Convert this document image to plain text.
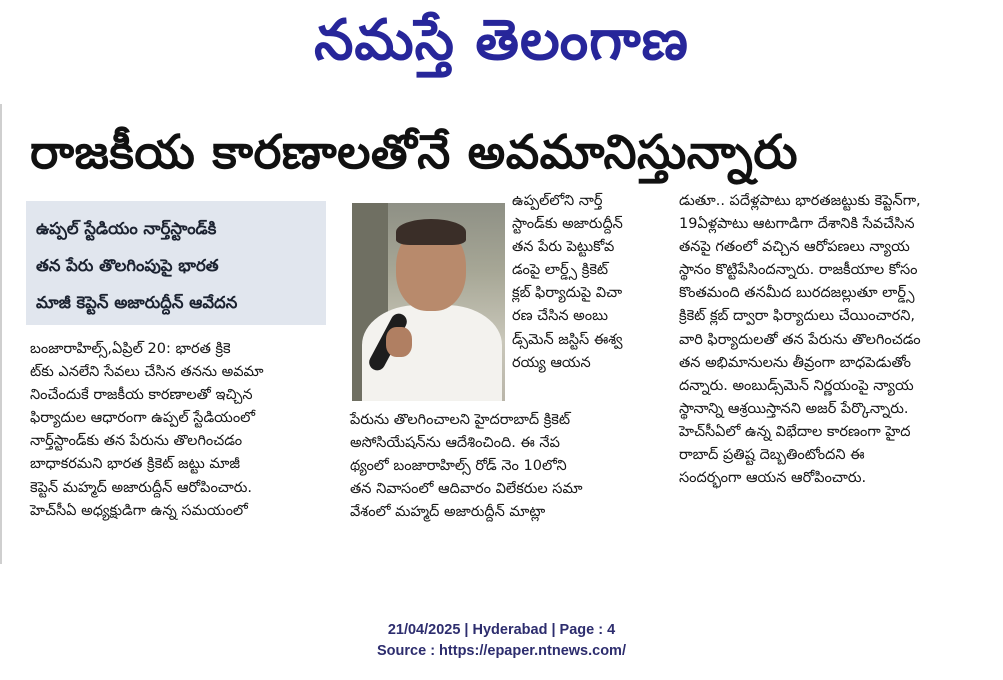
నమస్తే తెలంగాణ
రాజకీయ కారణాలతోనే అవమానిస్తున్నారు
ఉప్పల్ స్టేడియం నార్త్‌స్టాండ్‌కి
తన పేరు తొలగింపుపై భారత
మాజీ కెప్టెన్ అజారుద్దీన్ ఆవేదన
బంజారాహిల్స్,ఏప్రిల్ 20: భారత క్రికె
ట్‌కు ఎనలేని సేవలు చేసిన తనను అవమా
నించేందుకే రాజకీయ కారణాలతో ఇచ్చిన
ఫిర్యాదుల ఆధారంగా ఉప్పల్ స్టేడియంలో
నార్త్‌స్టాండ్‌కు తన పేరును తొలగించడం
బాధాకరమని భారత క్రికెట్ జట్టు మాజీ
కెప్టెన్ మహ్మద్ అజారుద్దీన్ ఆరోపించారు.
హెచ్‌సీఏ అధ్యక్షుడిగా ఉన్న సమయంలో
ఉప్పల్‌లోని నార్త్
స్టాండ్‌కు అజారుద్దీన్
తన పేరు పెట్టుకోవ
డంపై లార్డ్స్ క్రికెట్
క్లబ్ ఫిర్యాదుపై విచా
రణ చేసిన అంబు
డ్స్‌మెన్ జస్టిస్ ఈశ్వ
రయ్య ఆయన
పేరును తొలగించాలని హైదరాబాద్ క్రికెట్
అసోసియేషన్‌ను ఆదేశించింది. ఈ నేప
థ్యంలో బంజారాహిల్స్ రోడ్ నెం 10లోని
తన నివాసంలో ఆదివారం విలేకరుల సమా
వేశంలో మహ్మద్ అజారుద్దీన్ మాట్లా
డుతూ.. పదేళ్లపాటు భారతజట్టుకు కెప్టెన్‌గా,
19ఏళ్లపాటు ఆటగాడిగా దేశానికి సేవచేసిన
తనపై గతంలో వచ్చిన ఆరోపణలు న్యాయ
స్థానం కొట్టిపేసిందన్నారు. రాజకీయాల కోసం
కొంతమంది తనమీద బురదజల్లుతూ లార్డ్స్
క్రికెట్ క్లబ్ ద్వారా ఫిర్యాదులు చేయించారని,
వారి ఫిర్యాదులతో తన పేరును తొలగించడం
తన అభిమానులను తీవ్రంగా బాధపెడుతోం
దన్నారు. అంబుడ్స్‌మెన్ నిర్ణయంపై న్యాయ
స్థానాన్ని ఆశ్రయిస్తానని అజర్ పేర్కొన్నారు.
హెచ్‌సీఏలో ఉన్న విభేదాల కారణంగా హైద
రాబాద్ ప్రతిష్ట దెబ్బతింటోందని ఈ
సందర్భంగా ఆయన ఆరోపించారు.
21/04/2025 | Hyderabad | Page : 4
Source : https://epaper.ntnews.com/
